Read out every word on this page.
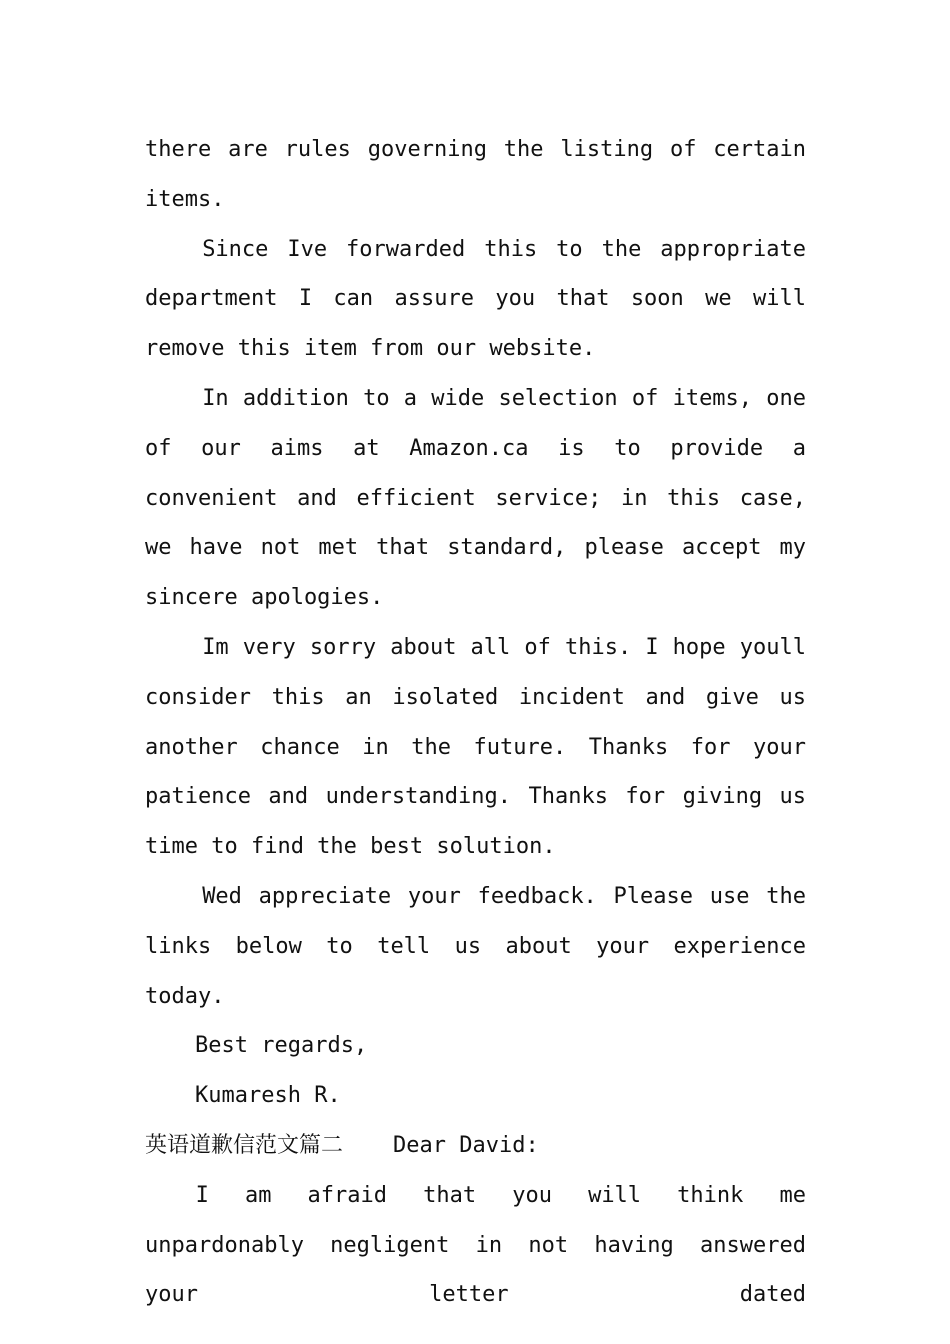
there are rules governing the listing of certain items.

Since Ive forwarded this to the appropriate department I can assure you that soon we will remove this item from our website.

In addition to a wide selection of items, one of our aims at Amazon.ca is to provide a convenient and efficient service; in this case, we have not met that standard, please accept my sincere apologies.

Im very sorry about all of this. I hope youll consider this an isolated incident and give us another chance in the future. Thanks for your patience and understanding. Thanks for giving us time to find the best solution.

Wed appreciate your feedback. Please use the links below to tell us about your experience today.

Best regards,

Kumaresh R.

英语道歉信范文篇二 Dear David:

I am afraid that you will think me unpardonably negligent in not having answered your letter dated
